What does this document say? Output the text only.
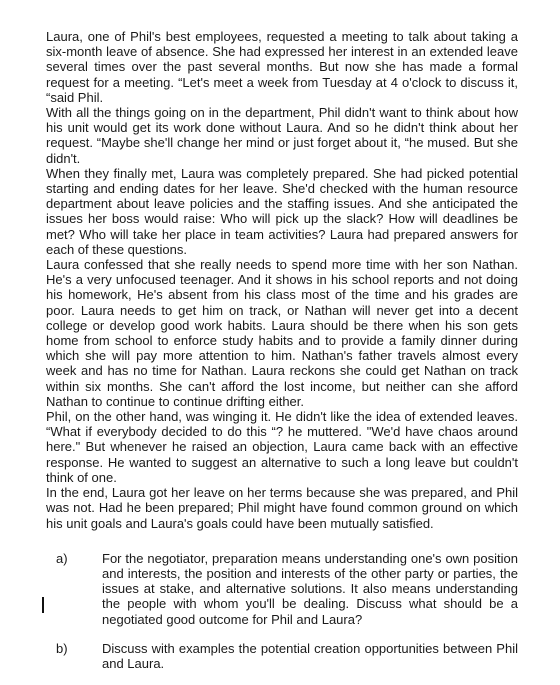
Laura, one of Phil's best employees, requested a meeting to talk about taking a six-month leave of absence. She had expressed her interest in an extended leave several times over the past several months. But now she has made a formal request for a meeting. “Let's meet a week from Tuesday at 4 o'clock to discuss it, “said Phil.

With all the things going on in the department, Phil didn't want to think about how his unit would get its work done without Laura. And so he didn't think about her request. “Maybe she'll change her mind or just forget about it, “he mused. But she didn't.

When they finally met, Laura was completely prepared. She had picked potential starting and ending dates for her leave. She'd checked with the human resource department about leave policies and the staffing issues. And she anticipated the issues her boss would raise: Who will pick up the slack? How will deadlines be met? Who will take her place in team activities? Laura had prepared answers for each of these questions.

Laura confessed that she really needs to spend more time with her son Nathan. He's a very unfocused teenager. And it shows in his school reports and not doing his homework, He's absent from his class most of the time and his grades are poor. Laura needs to get him on track, or Nathan will never get into a decent college or develop good work habits. Laura should be there when his son gets home from school to enforce study habits and to provide a family dinner during which she will pay more attention to him. Nathan's father travels almost every week and has no time for Nathan. Laura reckons she could get Nathan on track within six months. She can't afford the lost income, but neither can she afford Nathan to continue to continue drifting either.

Phil, on the other hand, was winging it. He didn't like the idea of extended leaves. “What if everybody decided to do this “? he muttered. "We'd have chaos around here." But whenever he raised an objection, Laura came back with an effective response. He wanted to suggest an alternative to such a long leave but couldn't think of one.

In the end, Laura got her leave on her terms because she was prepared, and Phil was not. Had he been prepared; Phil might have found common ground on which his unit goals and Laura's goals could have been mutually satisfied.

a)	For the negotiator, preparation means understanding one's own position and interests, the position and interests of the other party or parties, the issues at stake, and alternative solutions. It also means understanding the people with whom you'll be dealing. Discuss what should be a negotiated good outcome for Phil and Laura?
b)	Discuss with examples the potential creation opportunities between Phil and Laura.
